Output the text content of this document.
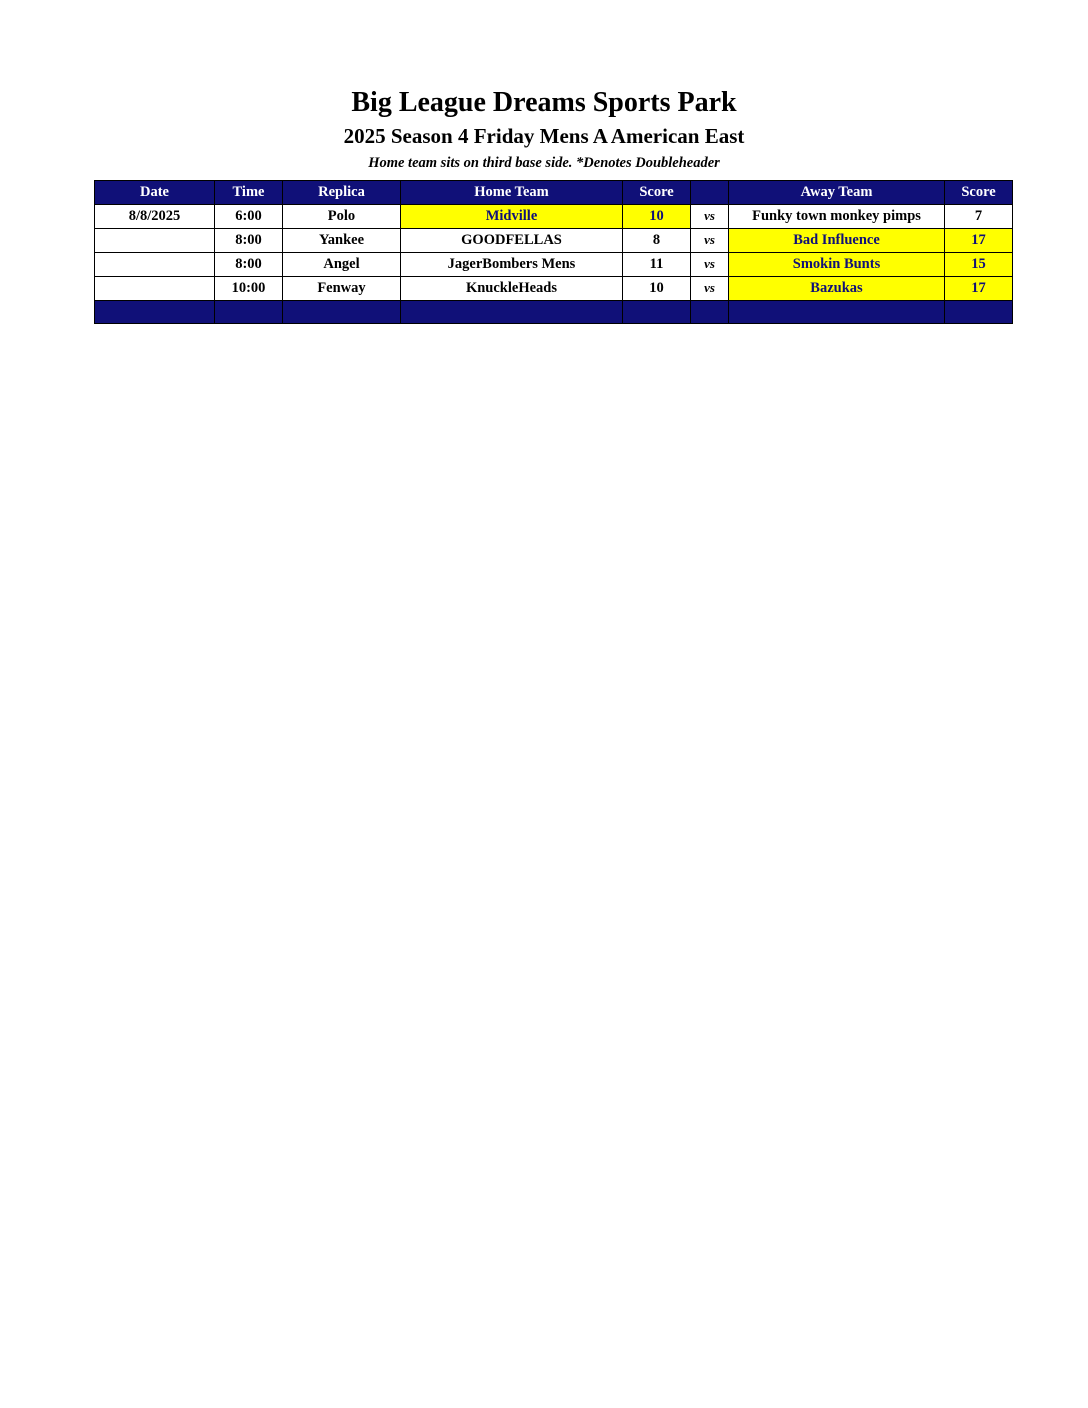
Big League Dreams Sports Park
2025 Season 4 Friday Mens A American East
Home team sits on third base side. *Denotes Doubleheader
Date	Time	Replica	Home Team	Score		Away Team	Score
8/8/2025	6:00	Polo	Midville	10	vs	Funky town monkey pimps	7
	8:00	Yankee	GOODFELLAS	8	vs	Bad Influence	17
	8:00	Angel	JagerBombers Mens	11	vs	Smokin Bunts	15
	10:00	Fenway	KnuckleHeads	10	vs	Bazukas	17
